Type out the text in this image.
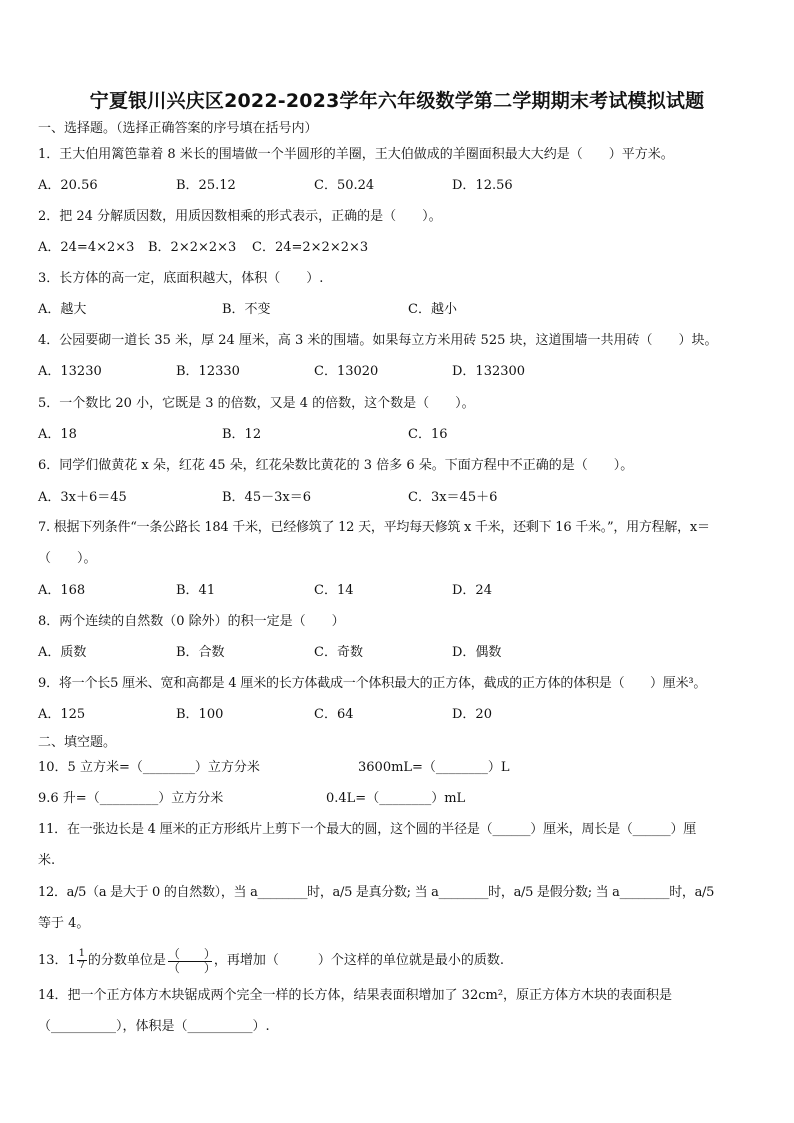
宁夏银川兴庆区2022-2023学年六年级数学第二学期期末考试模拟试题
一、选择题。（选择正确答案的序号填在括号内）
1．王大伯用篱笆靠着 8 米长的围墙做一个半圆形的羊圈，王大伯做成的羊圈面积最大大约是（　　）平方米。
A．20.56	B．25.12	C．50.24	D．12.56
2．把 24 分解质因数，用质因数相乘的形式表示，正确的是（　　）。
A．24=4×2×3 B．2×2×2×3 C．24=2×2×2×3
3．长方体的高一定，底面积越大，体积（　　）.
A．越大	B．不变	C．越小
4．公园要砌一道长 35 米，厚 24 厘米，高 3 米的围墙。如果每立方米用砖 525 块，这道围墙一共用砖（　　）块。
A．13230	B．12330	C．13020	D．132300
5．一个数比 20 小，它既是 3 的倍数，又是 4 的倍数，这个数是（　　）。
A．18	B．12	C．16
6．同学们做黄花 x 朵，红花 45 朵，红花朵数比黄花的 3 倍多 6 朵。下面方程中不正确的是（　　）。
A．3x＋6＝45	B．45－3x＝6	C．3x＝45＋6
7. 根据下列条件“一条公路长 184 千米，已经修筑了 12 天，平均每天修筑 x 千米，还剩下 16 千米。”，用方程解，x＝
（　　）。
A．168	B．41	C．14	D．24
8．两个连续的自然数（0 除外）的积一定是（　　）
A．质数	B．合数	C．奇数	D．偶数
9．将一个长5 厘米、宽和高都是 4 厘米的长方体截成一个体积最大的正方体，截成的正方体的体积是（　　）厘米³。
A．125	B．100	C．64	D．20
二、填空题。
10．5 立方米=（________）立方分米	3600mL=（________）L
9.6 升=（_________）立方分米	0.4L=（________）mL
11．在一张边长是 4 厘米的正方形纸片上剪下一个最大的圆，这个圆的半径是（______）厘米，周长是（______）厘
米.
12．a/5（a 是大于 0 的自然数），当 a________时，a/5 是真分数; 当 a________时，a/5 是假分数; 当 a________时，a/5
等于 4。
13．$1 \frac{1}{7}$ 的分数单位是 $\frac{( )}{( )}$ ，再增加（　　　）个这样的单位就是最小的质数.
14．把一个正方体方木块锯成两个完全一样的长方体，结果表面积增加了 32cm²，原正方体方木块的表面积是
（__________），体积是（__________）.
